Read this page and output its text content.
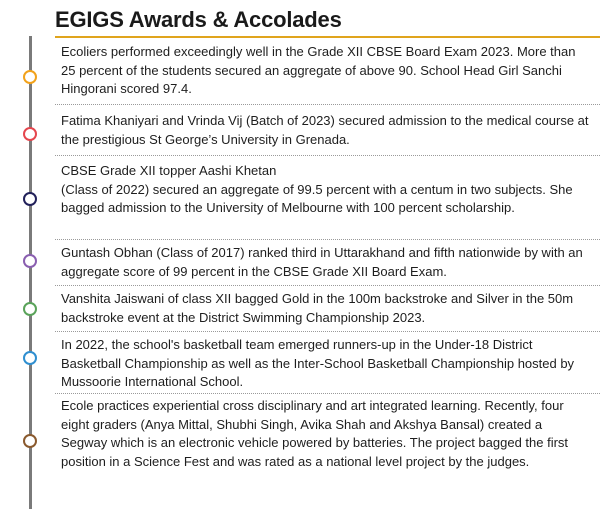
EGIGS Awards & Accolades
Ecoliers performed exceedingly well in the Grade XII CBSE Board Exam 2023. More than 25 percent of the students secured an aggregate of above 90. School Head Girl Sanchi Hingorani scored 97.4.
Fatima Khaniyari and Vrinda Vij (Batch of 2023) secured admission to the medical course at the prestigious St George’s University in Grenada.
CBSE Grade XII topper Aashi Khetan
(Class of 2022) secured an aggregate of 99.5 percent with a centum in two subjects. She bagged admission to the University of Melbourne with 100 percent scholarship.
Guntash Obhan (Class of 2017) ranked third in Uttarakhand and fifth nationwide by with an aggregate score of 99 percent in the CBSE Grade XII Board Exam.
Vanshita Jaiswani of class XII bagged Gold in the 100m backstroke and Silver in the 50m backstroke event at the District Swimming Championship 2023.
In 2022, the school's basketball team emerged runners-up in the Under-18 District Basketball Championship as well as the Inter-School Basketball Championship hosted by Mussoorie International School.
Ecole practices experiential cross disciplinary and art integrated learning. Recently, four eight graders (Anya Mittal, Shubhi Singh, Avika Shah and Akshya Bansal) created a Segway which is an electronic vehicle powered by batteries. The project bagged the first position in a Science Fest and was rated as a national level project by the judges.
